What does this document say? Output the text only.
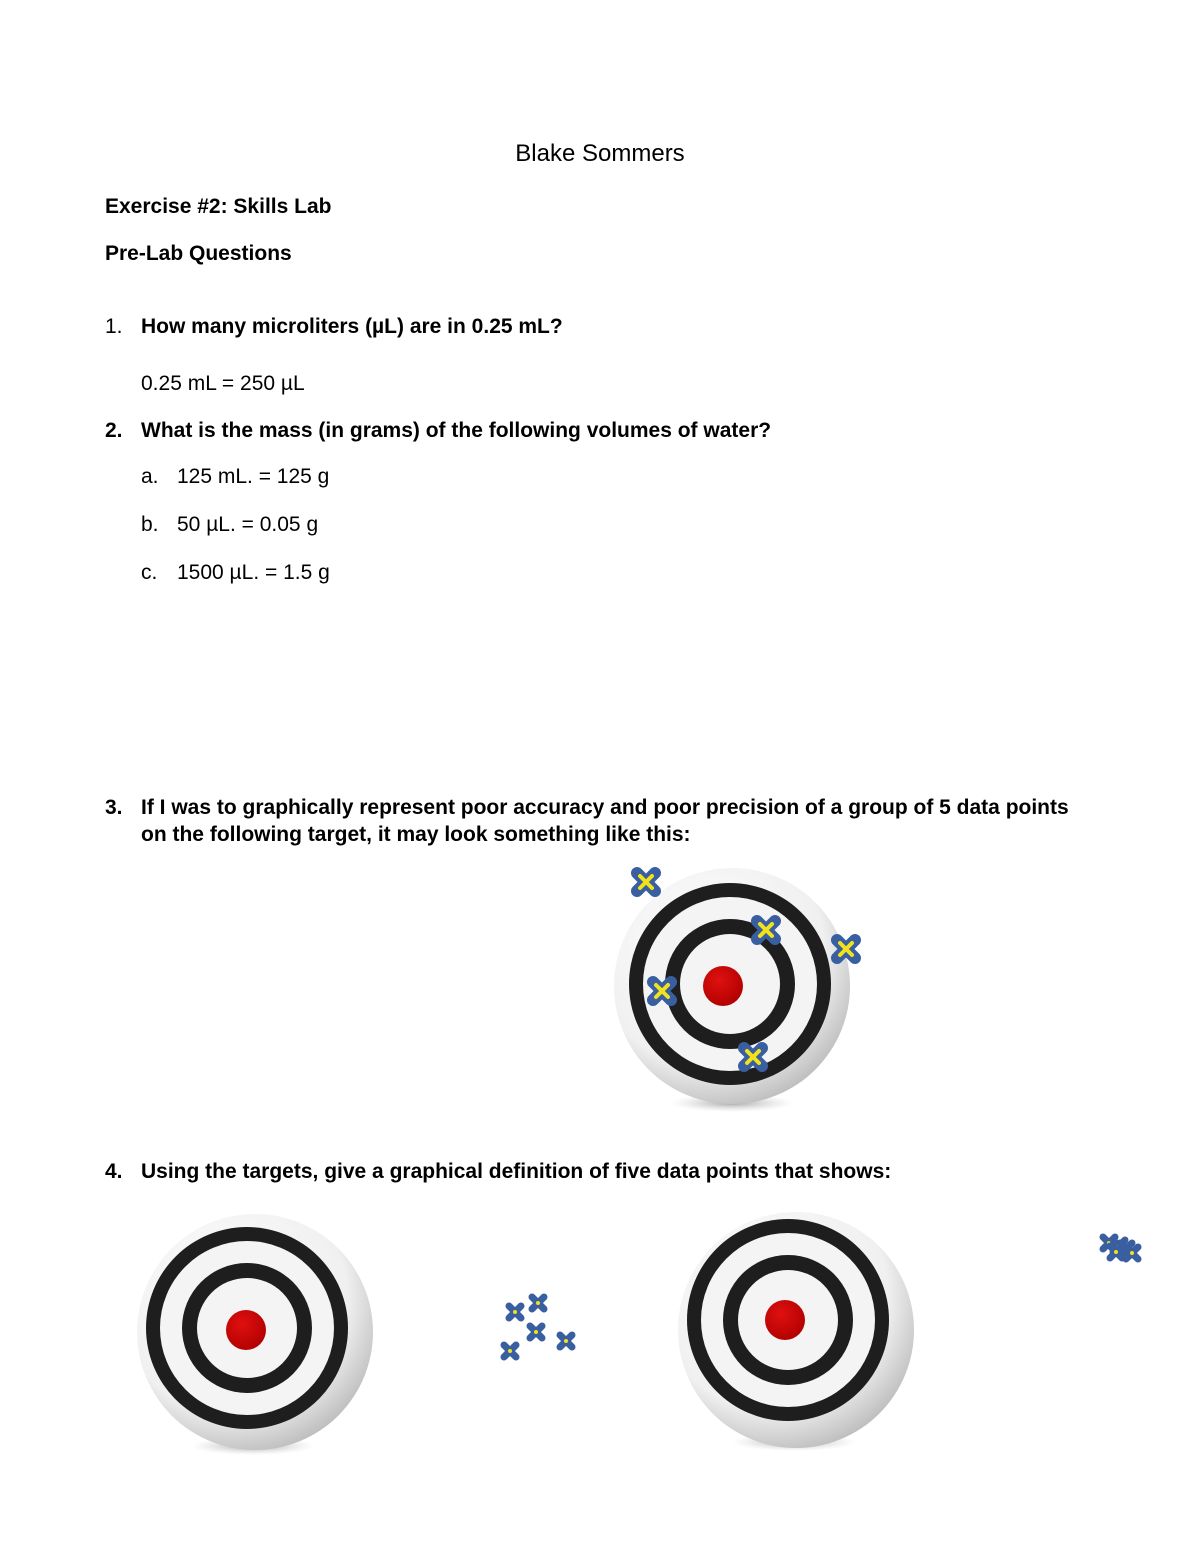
Blake Sommers
Exercise #2: Skills Lab
Pre-Lab Questions
1. How many microliters (µL) are in 0.25 mL?
0.25 mL = 250 µL
2. What is the mass (in grams) of the following volumes of water?
a. 125 mL. = 125 g
b. 50 µL. = 0.05 g
c. 1500 µL. = 1.5 g
3. If I was to graphically represent poor accuracy and poor precision of a group of 5 data points on the following target, it may look something like this:
4. Using the targets, give a graphical definition of five data points that shows:
